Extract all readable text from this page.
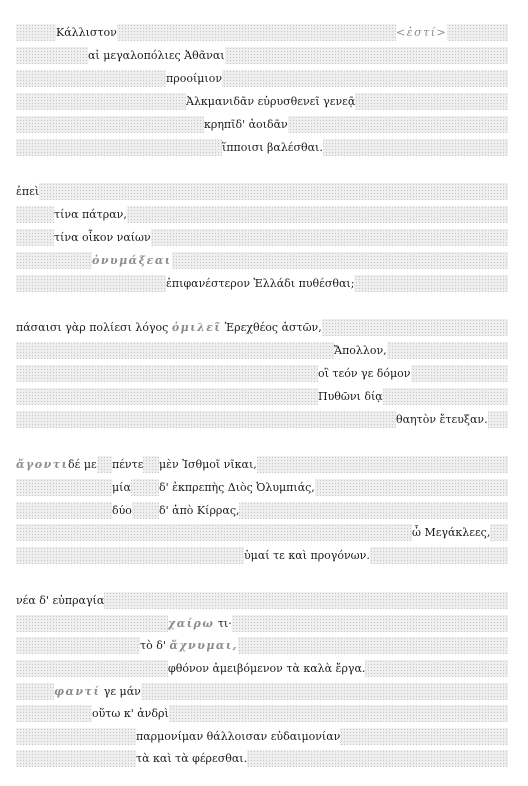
Κάλλιστον	<ἐστί>
αἱ μεγαλοπόλιες Ἀθᾶναι
προοίμιον
Ἀλκμανιδᾶν εὐρυσθενεῖ γενεᾷ
κρηπῖδ' ἀοιδᾶν
ἵπποισι βαλέσθαι.
ἐπεὶ
τίνα πάτραν,
τίνα οἶκον ναίων
ὀνυμάξεαι
ἐπιφανέστερον Ἑλλάδι πυθέσθαι;
πάσαισι γὰρ πολίεσι λόγος ὁμιλεῖ Ἐρεχθέος ἀστῶν,
Ἄπολλον,
οἳ τεόν γε δόμον
Πυθῶνι δίᾳ
θαητὸν ἔτευξαν.
ἄγοντι δέ με πέντε μὲν Ἰσθμοῖ νῖκαι,
μία	δ' ἐκπρεπὴς Διὸς Ὀλυμπιάς,
δύο δ' ἀπὸ Κίρρας,
ὦ Μεγάκλεες,
ὑμαί τε καὶ προγόνων.
νέα δ' εὐπραγία
χαίρω τι·
τὸ δ' ἄχνυμαι,
φθόνον ἀμειβόμενον τὰ καλὰ ἔργα.
φαντί γε μάν
οὕτω κ' ἀνδρὶ
παρμονίμαν θάλλοισαν εὐδαιμονίαν
τὰ καὶ τὰ φέρεσθαι.
